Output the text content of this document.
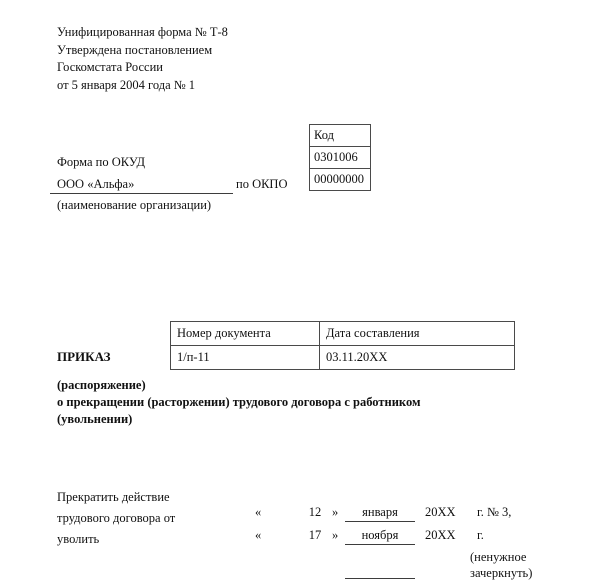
Унифицированная форма № Т-8
Утверждена постановлением
Госкомстата России
от 5 января 2004 года № 1
Код
0301006
00000000
Форма по ОКУД
по ОКПО
ООО «Альфа»
(наименование организации)
ПРИКАЗ
Номер документа	Дата составления
1/п-11	03.11.20ХХ
(распоряжение)
о прекращении (расторжении) трудового договора с работником
(увольнении)
Прекратить действие
трудового договора от
уволить
«	12 »	января	20ХХ г. № 3,
«	17 »	ноября	20ХХ г.
(ненужное
зачеркнуть)
